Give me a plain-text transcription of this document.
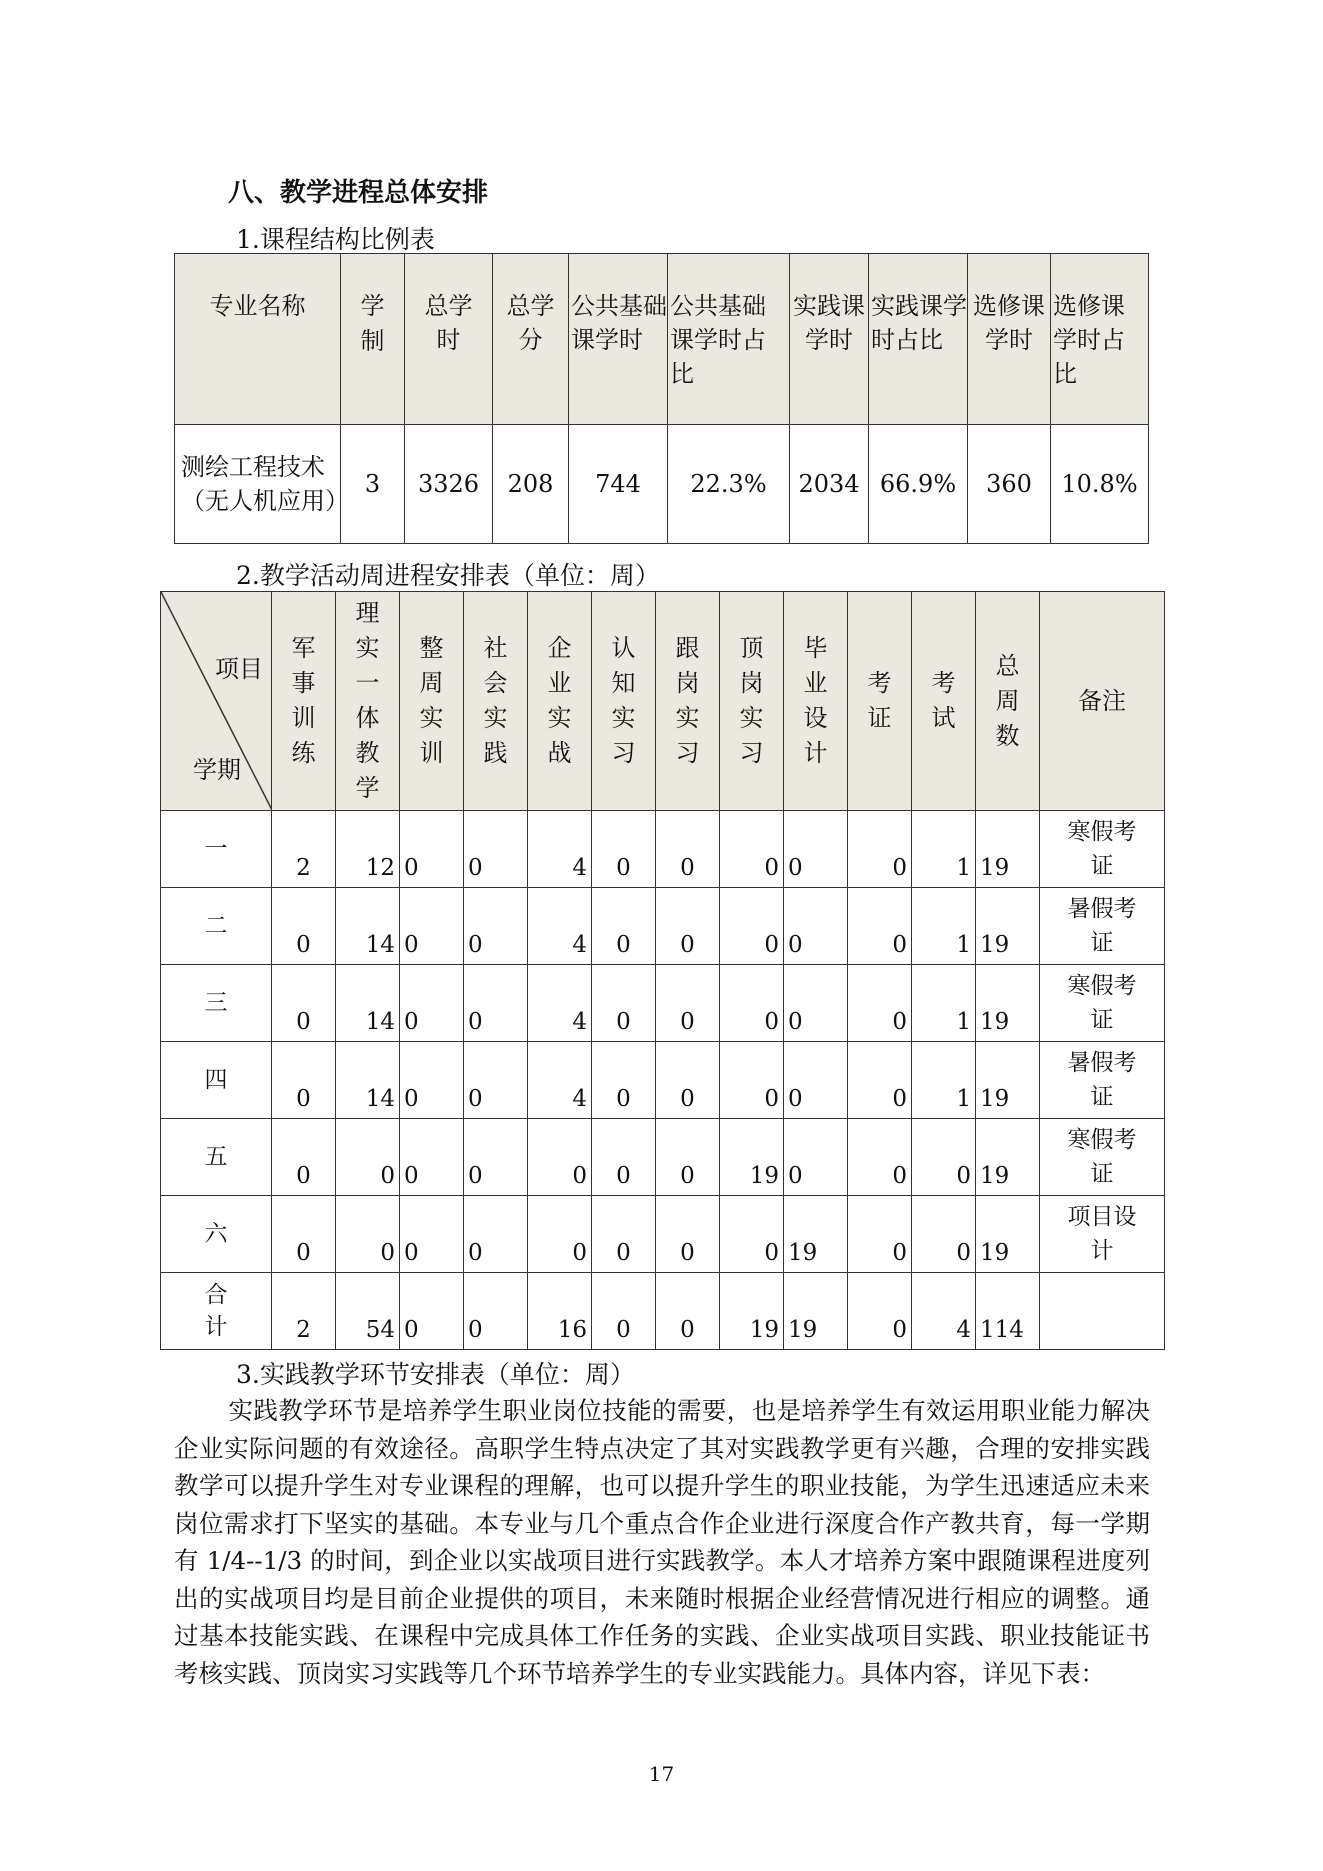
八、教学进程总体安排

1.课程结构比例表

专业名称	学制	总学时	总学分	公共基础课学时	公共基础课学时占比	实践课学时	实践课学时占比	选修课学时	选修课学时占比
测绘工程技术（无人机应用）	3	3326	208	744	22.3%	2034	66.9%	360	10.8%

2.教学活动周进程安排表（单位：周）

项目
学期	军事训练	理实一体教学	整周实训	社会实践	企业实战	认知实习	跟岗实习	顶岗实习	毕业设计	考证	考试	总周数	备注
一	2	12	0	0	4	0	0	0	0	0	1	19	寒假考证
二	0	14	0	0	4	0	0	0	0	0	1	19	暑假考证
三	0	14	0	0	4	0	0	0	0	0	1	19	寒假考证
四	0	14	0	0	4	0	0	0	0	0	1	19	暑假考证
五	0	0	0	0	0	0	0	19	0	0	0	19	寒假考证
六	0	0	0	0	0	0	0	0	19	0	0	19	项目设计
合计	2	54	0	0	16	0	0	19	19	0	4	114	

3.实践教学环节安排表（单位：周）

实践教学环节是培养学生职业岗位技能的需要，也是培养学生有效运用职业能力解决企业实际问题的有效途径。高职学生特点决定了其对实践教学更有兴趣，合理的安排实践教学可以提升学生对专业课程的理解，也可以提升学生的职业技能，为学生迅速适应未来岗位需求打下坚实的基础。本专业与几个重点合作企业进行深度合作产教共育，每一学期有 1/4--1/3 的时间，到企业以实战项目进行实践教学。本人才培养方案中跟随课程进度列出的实战项目均是目前企业提供的项目，未来随时根据企业经营情况进行相应的调整。通过基本技能实践、在课程中完成具体工作任务的实践、企业实战项目实践、职业技能证书考核实践、顶岗实习实践等几个环节培养学生的专业实践能力。具体内容，详见下表：

17
